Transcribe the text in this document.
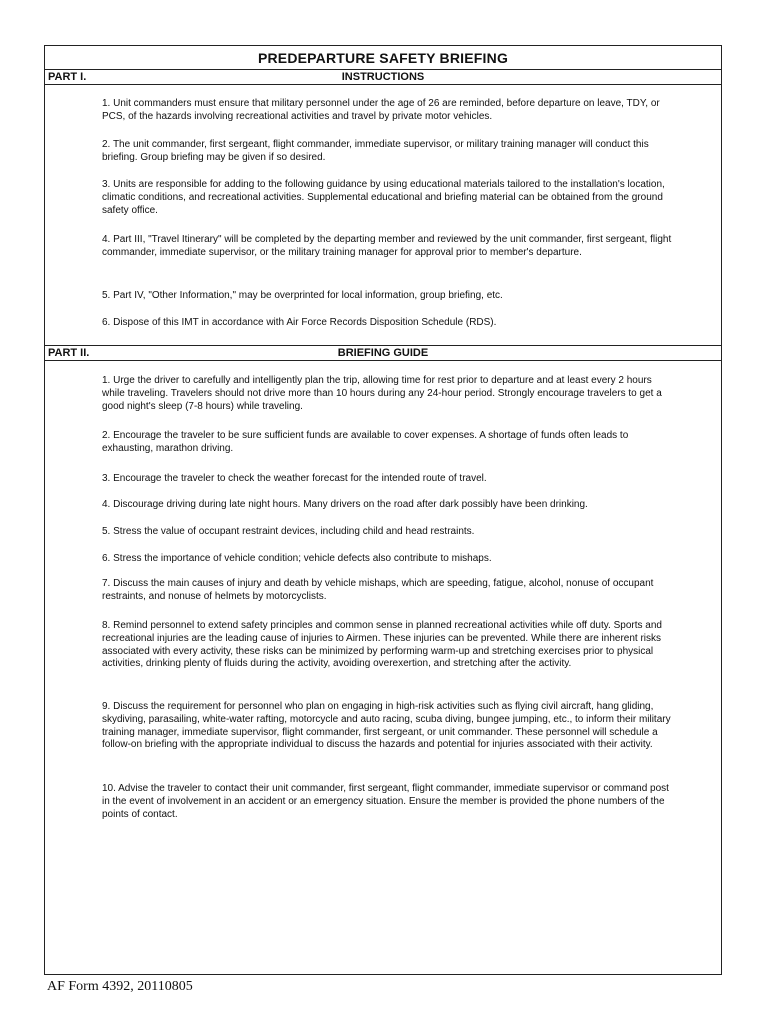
PREDEPARTURE SAFETY BRIEFING
PART I.	INSTRUCTIONS

1. Unit commanders must ensure that military personnel under the age of 26 are reminded, before departure on leave, TDY, or PCS, of the hazards involving recreational activities and travel by private motor vehicles.

2. The unit commander, first sergeant, flight commander, immediate supervisor, or military training manager will conduct this briefing. Group briefing may be given if so desired.

3. Units are responsible for adding to the following guidance by using educational materials tailored to the installation's location, climatic conditions, and recreational activities. Supplemental educational and briefing material can be obtained from the ground safety office.

4. Part III, "Travel Itinerary" will be completed by the departing member and reviewed by the unit commander, first sergeant, flight commander, immediate supervisor, or the military training manager for approval prior to member's departure.

5. Part IV, "Other Information," may be overprinted for local information, group briefing, etc.

6. Dispose of this IMT in accordance with Air Force Records Disposition Schedule (RDS).

PART II.	BRIEFING GUIDE

1. Urge the driver to carefully and intelligently plan the trip, allowing time for rest prior to departure and at least every 2 hours while traveling. Travelers should not drive more than 10 hours during any 24-hour period. Strongly encourage travelers to get a good night's sleep (7-8 hours) while traveling.

2. Encourage the traveler to be sure sufficient funds are available to cover expenses. A shortage of funds often leads to exhausting, marathon driving.

3. Encourage the traveler to check the weather forecast for the intended route of travel.

4. Discourage driving during late night hours. Many drivers on the road after dark possibly have been drinking.

5. Stress the value of occupant restraint devices, including child and head restraints.

6. Stress the importance of vehicle condition; vehicle defects also contribute to mishaps.

7. Discuss the main causes of injury and death by vehicle mishaps, which are speeding, fatigue, alcohol, nonuse of occupant restraints, and nonuse of helmets by motorcyclists.

8. Remind personnel to extend safety principles and common sense in planned recreational activities while off duty. Sports and recreational injuries are the leading cause of injuries to Airmen. These injuries can be prevented. While there are inherent risks associated with every activity, these risks can be minimized by performing warm-up and stretching exercises prior to physical activities, drinking plenty of fluids during the activity, avoiding overexertion, and stretching after the activity.

9. Discuss the requirement for personnel who plan on engaging in high-risk activities such as flying civil aircraft, hang gliding, skydiving, parasailing, white-water rafting, motorcycle and auto racing, scuba diving, bungee jumping, etc., to inform their military training manager, immediate supervisor, flight commander, first sergeant, or unit commander. These personnel will schedule a follow-on briefing with the appropriate individual to discuss the hazards and potential for injuries associated with their activity.

10. Advise the traveler to contact their unit commander, first sergeant, flight commander, immediate supervisor or command post in the event of involvement in an accident or an emergency situation. Ensure the member is provided the phone numbers of the points of contact.

AF Form 4392, 20110805
